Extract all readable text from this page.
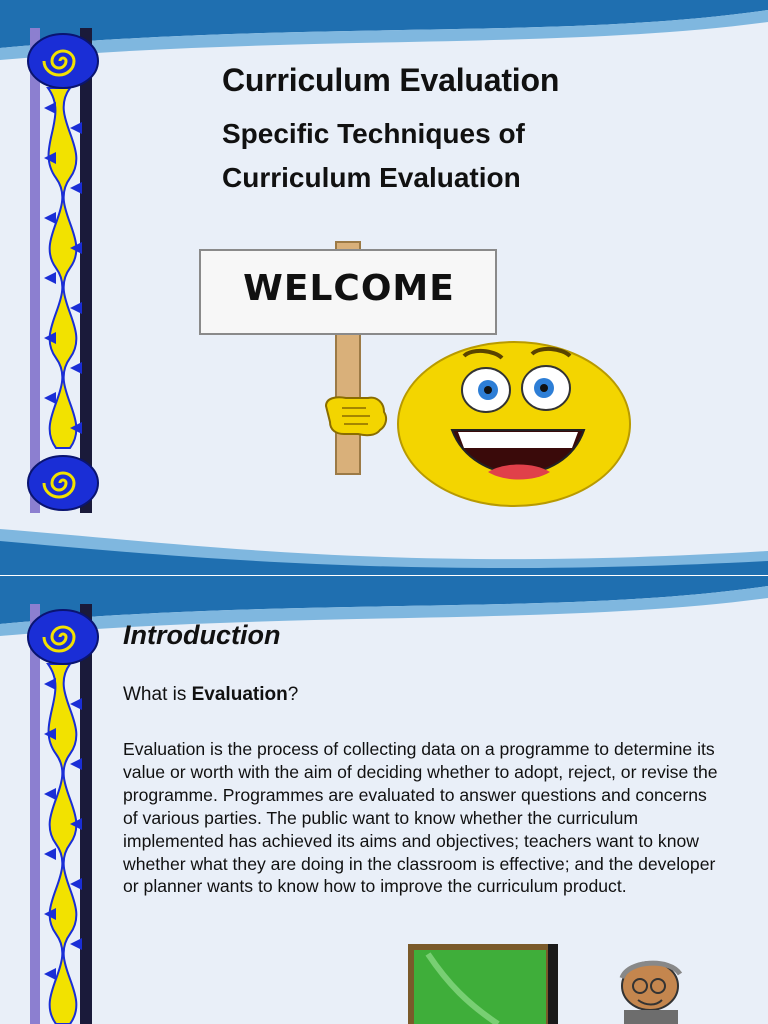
Curriculum Evaluation
Specific Techniques of
Curriculum Evaluation
WELCOME
Introduction

What is Evaluation?

Evaluation is the process of collecting data on a programme to determine its value or worth with the aim of deciding whether to adopt, reject, or revise the programme. Programmes are evaluated to answer questions and concerns of various parties. The public want to know whether the curriculum implemented has achieved its aims and objectives; teachers want to know whether what they are doing in the classroom is effective; and the developer or planner wants to know how to improve the curriculum product.
